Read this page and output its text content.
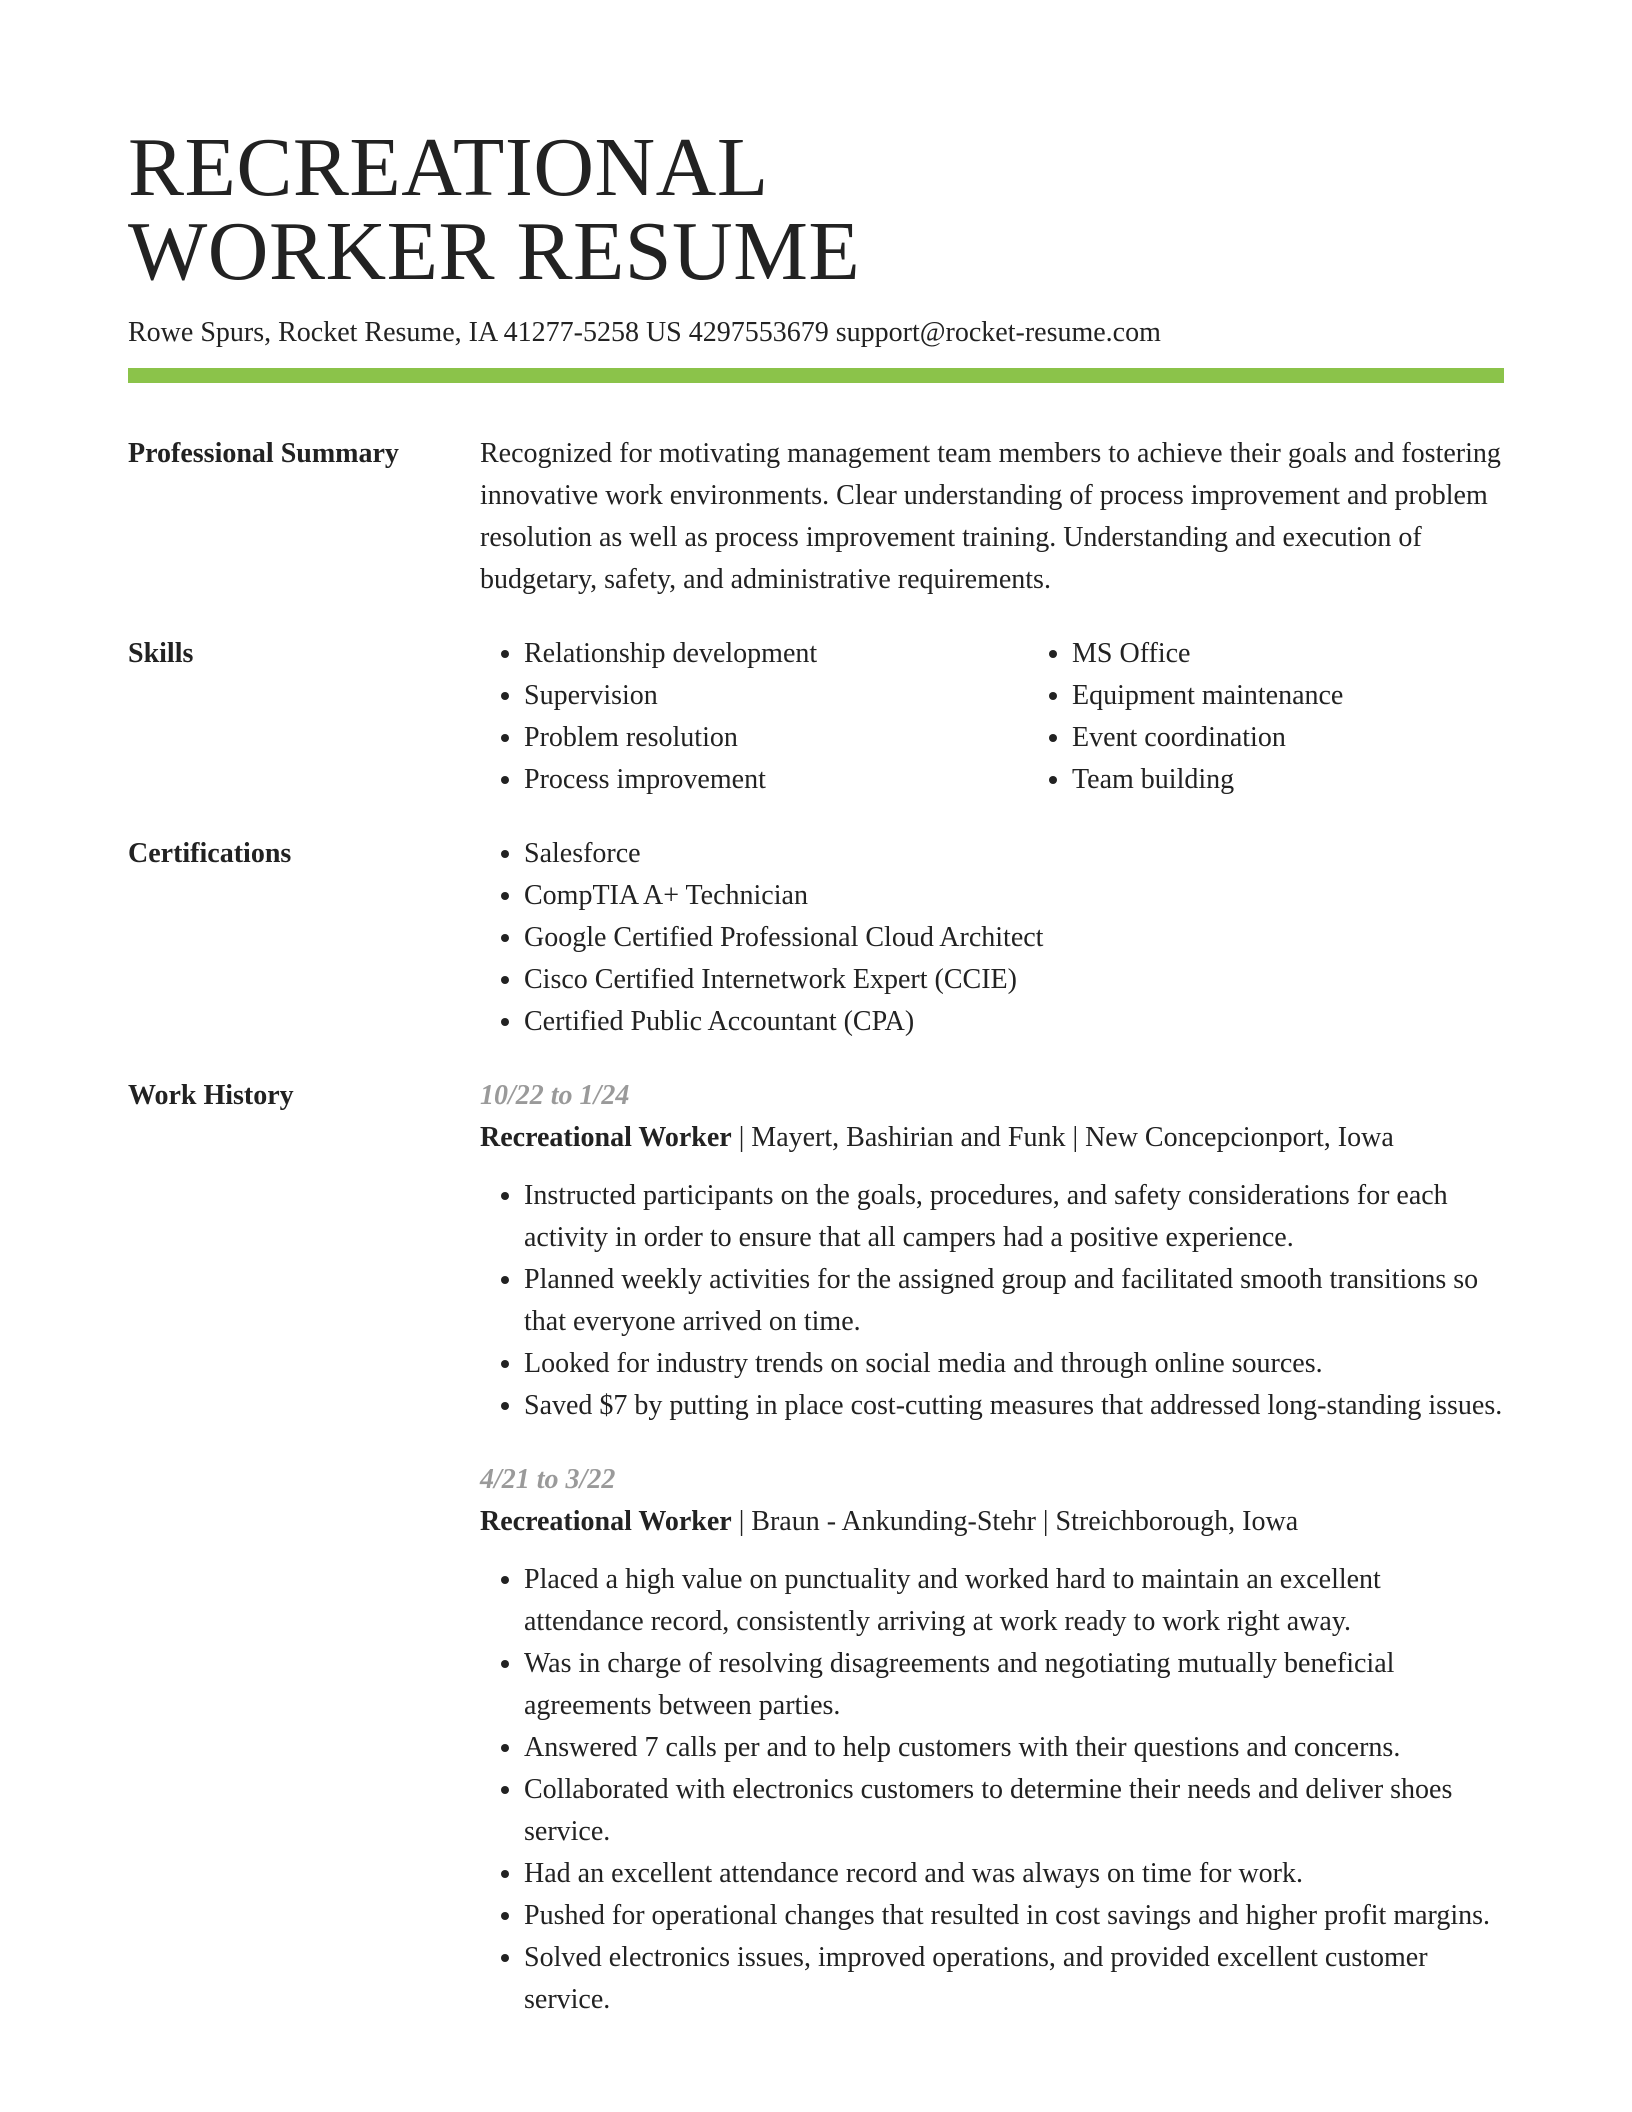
RECREATIONAL
WORKER RESUME
Rowe Spurs, Rocket Resume, IA 41277-5258 US 4297553679 support@rocket-resume.com
Professional Summary	Recognized for motivating management team members to achieve their goals and fostering innovative work environments. Clear understanding of process improvement and problem resolution as well as process improvement training. Understanding and execution of budgetary, safety, and administrative requirements.
Skills	• Relationship development
• Supervision
• Problem resolution
• Process improvement
• MS Office
• Equipment maintenance
• Event coordination
• Team building
Certifications	• Salesforce
• CompTIA A+ Technician
• Google Certified Professional Cloud Architect
• Cisco Certified Internetwork Expert (CCIE)
• Certified Public Accountant (CPA)
Work History	10/22 to 1/24
Recreational Worker | Mayert, Bashirian and Funk | New Concepcionport, Iowa
• Instructed participants on the goals, procedures, and safety considerations for each activity in order to ensure that all campers had a positive experience.
• Planned weekly activities for the assigned group and facilitated smooth transitions so that everyone arrived on time.
• Looked for industry trends on social media and through online sources.
• Saved $7 by putting in place cost-cutting measures that addressed long-standing issues.
4/21 to 3/22
Recreational Worker | Braun - Ankunding-Stehr | Streichborough, Iowa
• Placed a high value on punctuality and worked hard to maintain an excellent attendance record, consistently arriving at work ready to work right away.
• Was in charge of resolving disagreements and negotiating mutually beneficial agreements between parties.
• Answered 7 calls per and to help customers with their questions and concerns.
• Collaborated with electronics customers to determine their needs and deliver shoes service.
• Had an excellent attendance record and was always on time for work.
• Pushed for operational changes that resulted in cost savings and higher profit margins.
• Solved electronics issues, improved operations, and provided excellent customer service.
